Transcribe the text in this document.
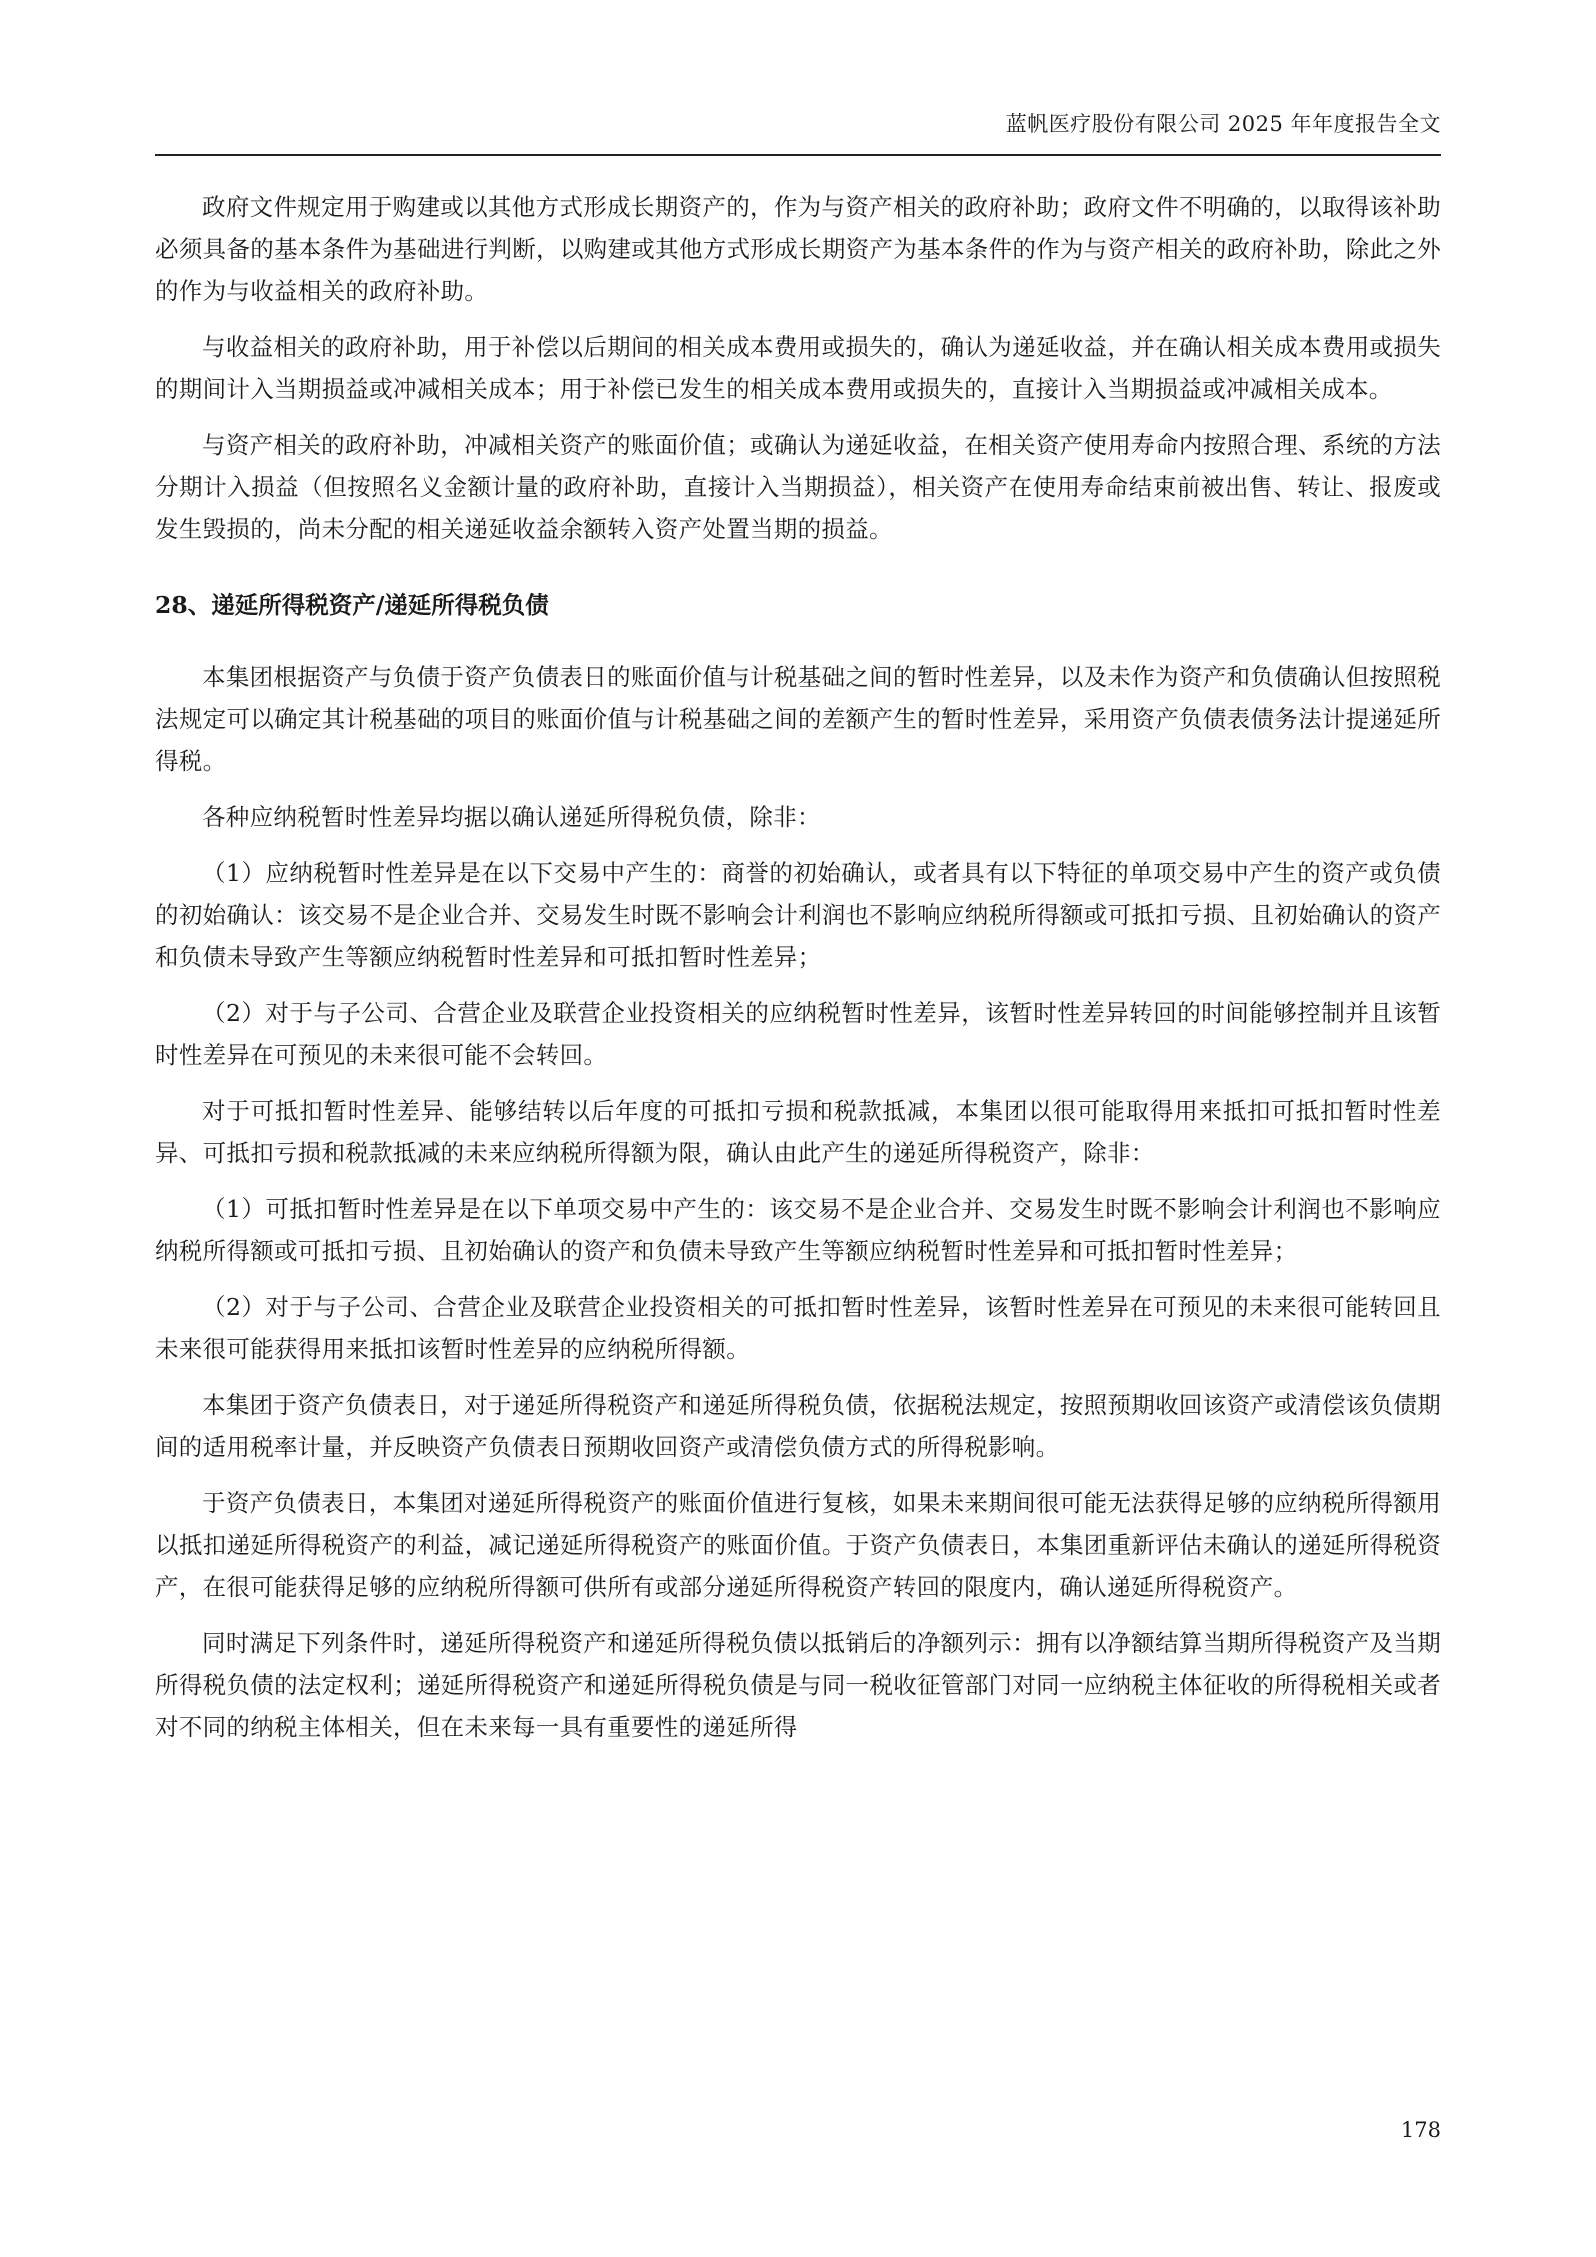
蓝帆医疗股份有限公司 2025 年年度报告全文

政府文件规定用于购建或以其他方式形成长期资产的，作为与资产相关的政府补助；政府文件不明确的，以取得该补助必须具备的基本条件为基础进行判断，以购建或其他方式形成长期资产为基本条件的作为与资产相关的政府补助，除此之外的作为与收益相关的政府补助。

与收益相关的政府补助，用于补偿以后期间的相关成本费用或损失的，确认为递延收益，并在确认相关成本费用或损失的期间计入当期损益或冲减相关成本；用于补偿已发生的相关成本费用或损失的，直接计入当期损益或冲减相关成本。

与资产相关的政府补助，冲减相关资产的账面价值；或确认为递延收益，在相关资产使用寿命内按照合理、系统的方法分期计入损益（但按照名义金额计量的政府补助，直接计入当期损益），相关资产在使用寿命结束前被出售、转让、报废或发生毁损的，尚未分配的相关递延收益余额转入资产处置当期的损益。

28、递延所得税资产/递延所得税负债

本集团根据资产与负债于资产负债表日的账面价值与计税基础之间的暂时性差异，以及未作为资产和负债确认但按照税法规定可以确定其计税基础的项目的账面价值与计税基础之间的差额产生的暂时性差异，采用资产负债表债务法计提递延所得税。

各种应纳税暂时性差异均据以确认递延所得税负债，除非：

（1）应纳税暂时性差异是在以下交易中产生的：商誉的初始确认，或者具有以下特征的单项交易中产生的资产或负债的初始确认：该交易不是企业合并、交易发生时既不影响会计利润也不影响应纳税所得额或可抵扣亏损、且初始确认的资产和负债未导致产生等额应纳税暂时性差异和可抵扣暂时性差异；

（2）对于与子公司、合营企业及联营企业投资相关的应纳税暂时性差异，该暂时性差异转回的时间能够控制并且该暂时性差异在可预见的未来很可能不会转回。

对于可抵扣暂时性差异、能够结转以后年度的可抵扣亏损和税款抵减，本集团以很可能取得用来抵扣可抵扣暂时性差异、可抵扣亏损和税款抵减的未来应纳税所得额为限，确认由此产生的递延所得税资产，除非：

（1）可抵扣暂时性差异是在以下单项交易中产生的：该交易不是企业合并、交易发生时既不影响会计利润也不影响应纳税所得额或可抵扣亏损、且初始确认的资产和负债未导致产生等额应纳税暂时性差异和可抵扣暂时性差异；

（2）对于与子公司、合营企业及联营企业投资相关的可抵扣暂时性差异，该暂时性差异在可预见的未来很可能转回且未来很可能获得用来抵扣该暂时性差异的应纳税所得额。

本集团于资产负债表日，对于递延所得税资产和递延所得税负债，依据税法规定，按照预期收回该资产或清偿该负债期间的适用税率计量，并反映资产负债表日预期收回资产或清偿负债方式的所得税影响。

于资产负债表日，本集团对递延所得税资产的账面价值进行复核，如果未来期间很可能无法获得足够的应纳税所得额用以抵扣递延所得税资产的利益，减记递延所得税资产的账面价值。于资产负债表日，本集团重新评估未确认的递延所得税资产，在很可能获得足够的应纳税所得额可供所有或部分递延所得税资产转回的限度内，确认递延所得税资产。

同时满足下列条件时，递延所得税资产和递延所得税负债以抵销后的净额列示：拥有以净额结算当期所得税资产及当期所得税负债的法定权利；递延所得税资产和递延所得税负债是与同一税收征管部门对同一应纳税主体征收的所得税相关或者对不同的纳税主体相关，但在未来每一具有重要性的递延所得

178
